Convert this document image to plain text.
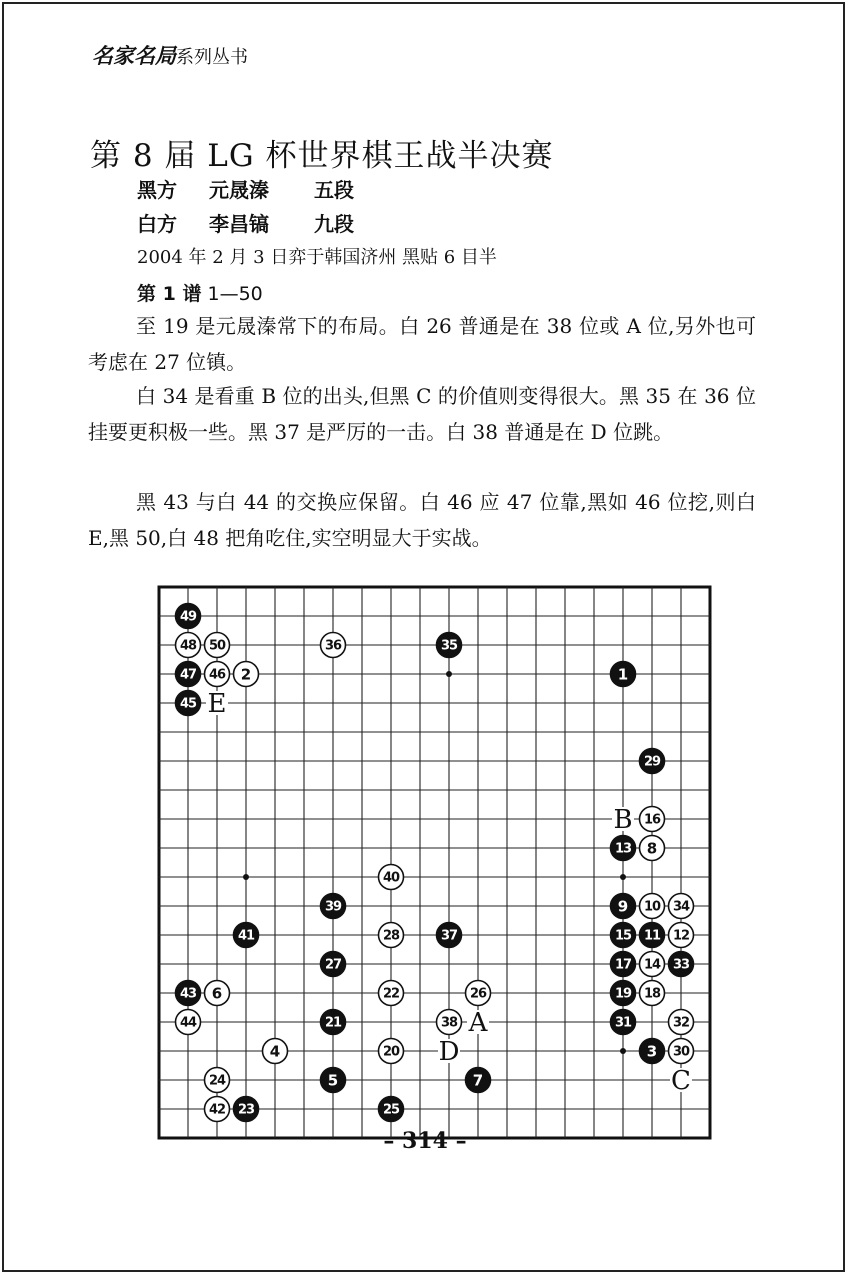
名家名局系列丛书
第 8 届 LG 杯世界棋王战半决赛
黑方 元晟溱 五段
白方 李昌镐 九段
2004 年 2 月 3 日弈于韩国济州 黑贴 6 目半
第 1 谱 1—50
至 19 是元晟溱常下的布局。白 26 普通是在 38 位或 A 位,另外也可考虑在 27 位镇。
白 34 是看重 B 位的出头,但黑 C 的价值则变得很大。黑 35 在 36 位挂要更积极一些。黑 37 是严厉的一击。白 38 普通是在 D 位跳。
黑 43 与白 44 的交换应保留。白 46 应 47 位靠,黑如 46 位挖,则白 E,黑 50,白 48 把角吃住,实空明显大于实战。
E
B
A
D
C
49
48 50	36	35
47 46 2	1
45
29
16
13 8
40
39	9 10 34
41	28	37	15 11 12
27	17 14 33
43 6	22	26	19 18
44	21	38	31	32
4	20	3 30
24	5	7
42 23	25
– 314 –
